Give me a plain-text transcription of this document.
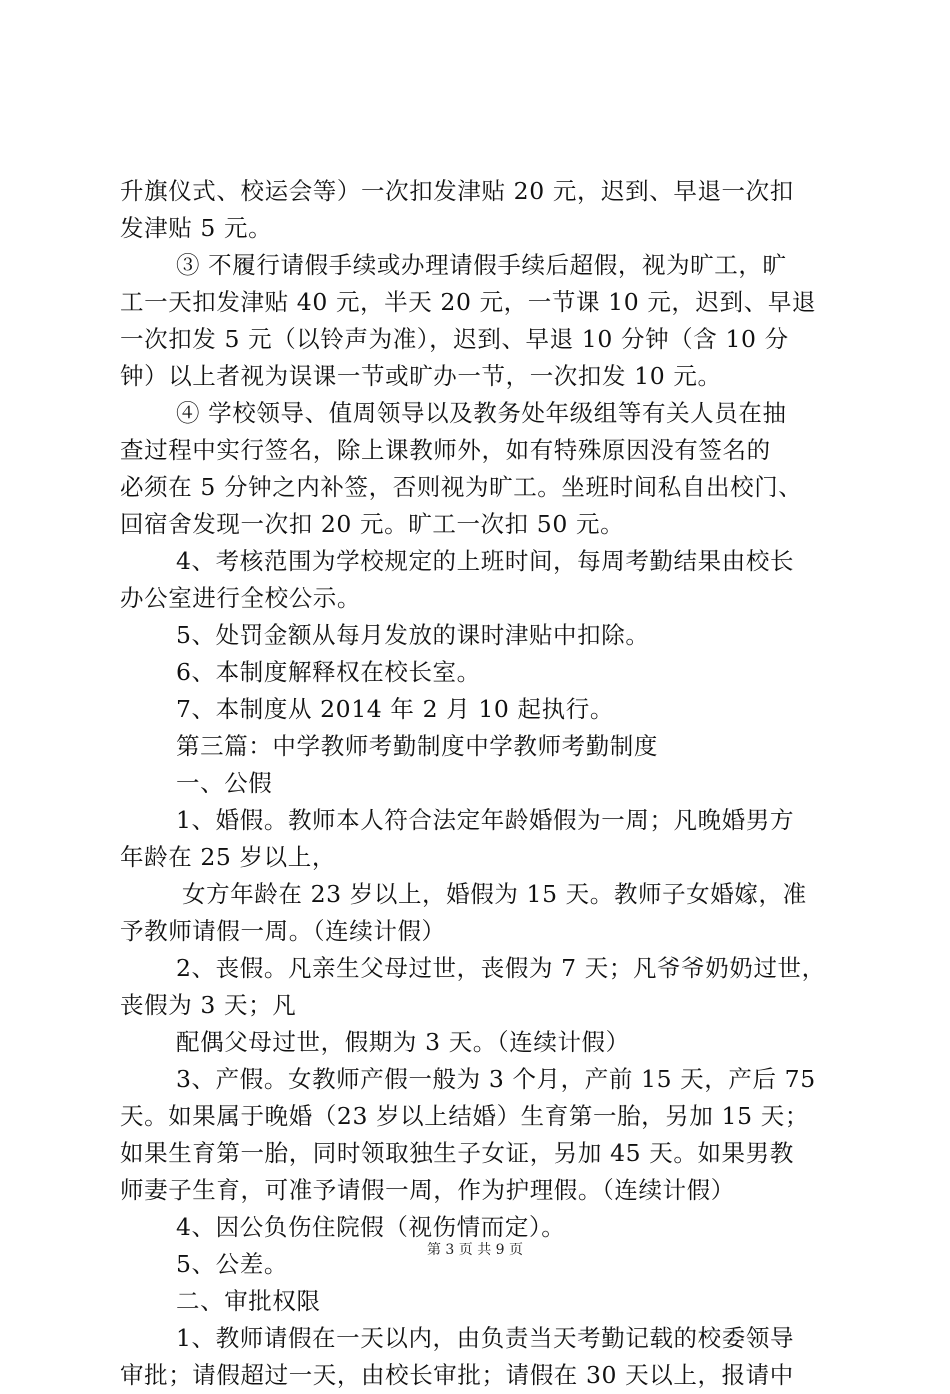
升旗仪式、校运会等）一次扣发津贴 20 元，迟到、早退一次扣
发津贴 5 元。
③ 不履行请假手续或办理请假手续后超假，视为旷工，旷
工一天扣发津贴 40 元，半天 20 元，一节课 10 元，迟到、早退
一次扣发 5 元（以铃声为准），迟到、早退 10 分钟（含 10 分
钟）以上者视为误课一节或旷办一节，一次扣发 10 元。
④ 学校领导、值周领导以及教务处年级组等有关人员在抽
查过程中实行签名，除上课教师外，如有特殊原因没有签名的
必须在 5 分钟之内补签，否则视为旷工。坐班时间私自出校门、
回宿舍发现一次扣 20 元。旷工一次扣 50 元。
4、考核范围为学校规定的上班时间，每周考勤结果由校长
办公室进行全校公示。
5、处罚金额从每月发放的课时津贴中扣除。
6、本制度解释权在校长室。
7、本制度从 2014 年 2 月 10 起执行。
第三篇：中学教师考勤制度中学教师考勤制度
一、公假
1、婚假。教师本人符合法定年龄婚假为一周；凡晚婚男方
年龄在 25 岁以上，
女方年龄在 23 岁以上，婚假为 15 天。教师子女婚嫁，准
予教师请假一周。（连续计假）
2、丧假。凡亲生父母过世，丧假为 7 天；凡爷爷奶奶过世，
丧假为 3 天；凡
配偶父母过世，假期为 3 天。（连续计假）
3、产假。女教师产假一般为 3 个月，产前 15 天，产后 75
天。如果属于晚婚（23 岁以上结婚）生育第一胎，另加 15 天；
如果生育第一胎，同时领取独生子女证，另加 45 天。如果男教
师妻子生育，可准予请假一周，作为护理假。（连续计假）
4、因公负伤住院假（视伤情而定）。
5、公差。
二、审批权限
1、教师请假在一天以内，由负责当天考勤记载的校委领导
审批；请假超过一天，由校长审批；请假在 30 天以上，报请中
第 3 页 共 9 页
